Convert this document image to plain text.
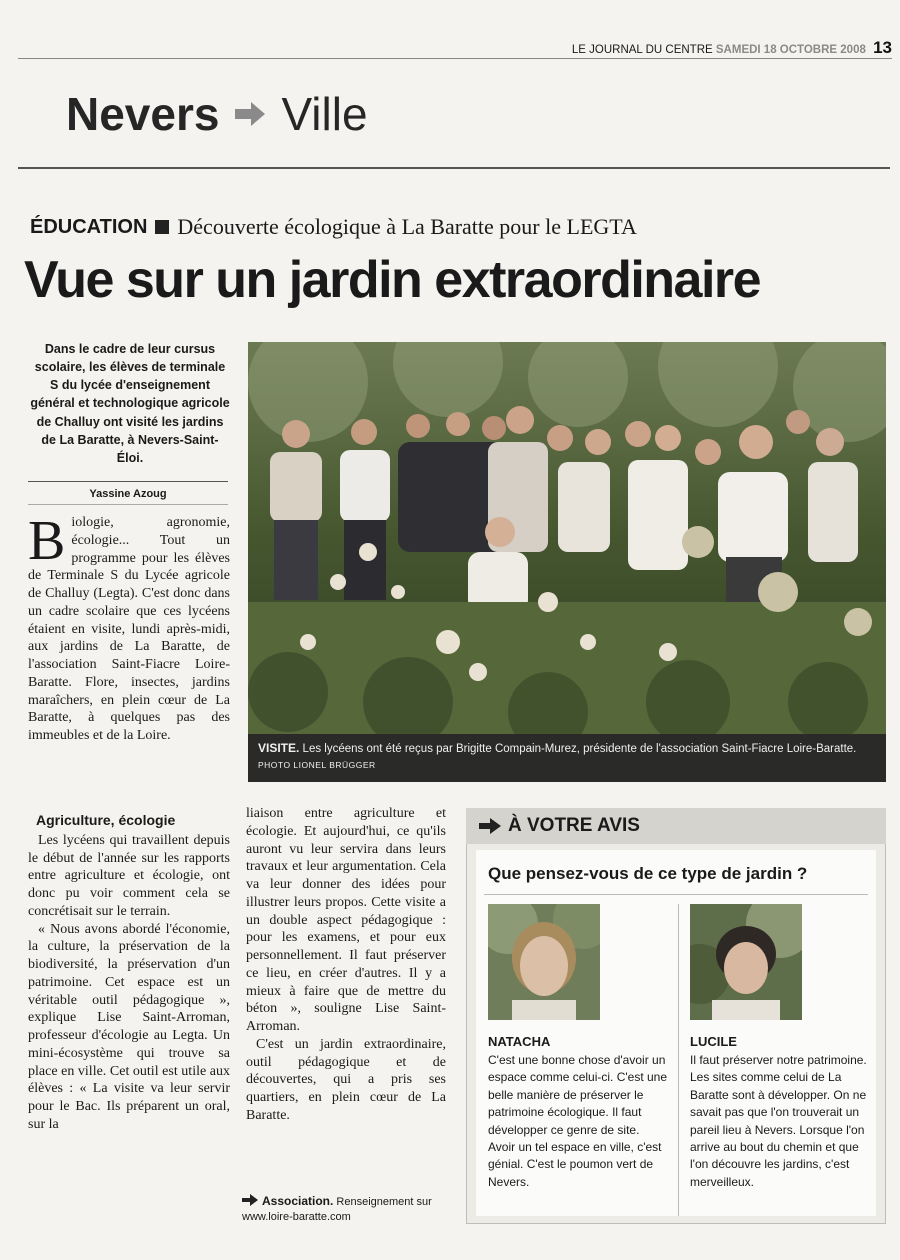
LE JOURNAL DU CENTRE SAMEDI 18 OCTOBRE 2008 13
Nevers Ville
ÉDUCATION Découverte écologique à La Baratte pour le LEGTA
Vue sur un jardin extraordinaire
Dans le cadre de leur cursus scolaire, les élèves de terminale S du lycée d'enseignement général et technologique agricole de Challuy ont visité les jardins de La Baratte, à Nevers-Saint-Éloi.
Yassine Azoug
B iologie, agronomie, écologie... Tout un programme pour les élèves de Terminale S du Lycée agricole de Challuy (Legta). C'est donc dans un cadre scolaire que ces lycéens étaient en visite, lundi après-midi, aux jardins de La Baratte, de l'association Saint-Fiacre Loire-Baratte. Flore, insectes, jardins maraîchers, en plein cœur de La Baratte, à quelques pas des immeubles et de la Loire.

Agriculture, écologie

Les lycéens qui travaillent depuis le début de l'année sur les rapports entre agriculture et écologie, ont donc pu voir comment cela se concrétisait sur le terrain.

« Nous avons abordé l'économie, la culture, la préservation de la biodiversité, la préservation d'un patrimoine. Cet espace est un véritable outil pédagogique », explique Lise Saint-Arroman, professeur d'écologie au Legta. Un mini-écosystème qui trouve sa place en ville. Cet outil est utile aux élèves : « La visite va leur servir pour le Bac. Ils préparent un oral, sur la

liaison entre agriculture et écologie. Et aujourd'hui, ce qu'ils auront vu leur servira dans leurs travaux et leur argumentation. Cela va leur donner des idées pour illustrer leurs propos. Cette visite a un double aspect pédagogique : pour les examens, et pour eux personnellement. Il faut préserver ce lieu, en créer d'autres. Il y a mieux à faire que de mettre du béton », souligne Lise Saint-Arroman.

C'est un jardin extraordinaire, outil pédagogique et de découvertes, qui a pris ses quartiers, en plein cœur de La Baratte.

Association. Renseignement sur www.loire-baratte.com
VISITE. Les lycéens ont été reçus par Brigitte Compain-Murez, présidente de l'association Saint-Fiacre Loire-Baratte. PHOTO LIONEL BRÜGGER
À VOTRE AVIS
Que pensez-vous de ce type de jardin ?
NATACHA
C'est une bonne chose d'avoir un espace comme celui-ci. C'est une belle manière de préserver le patrimoine écologique. Il faut développer ce genre de site. Avoir un tel espace en ville, c'est génial. C'est le poumon vert de Nevers.
LUCILE
Il faut préserver notre patrimoine. Les sites comme celui de La Baratte sont à développer. On ne savait pas que l'on trouverait un pareil lieu à Nevers. Lorsque l'on arrive au bout du chemin et que l'on découvre les jardins, c'est merveilleux.
